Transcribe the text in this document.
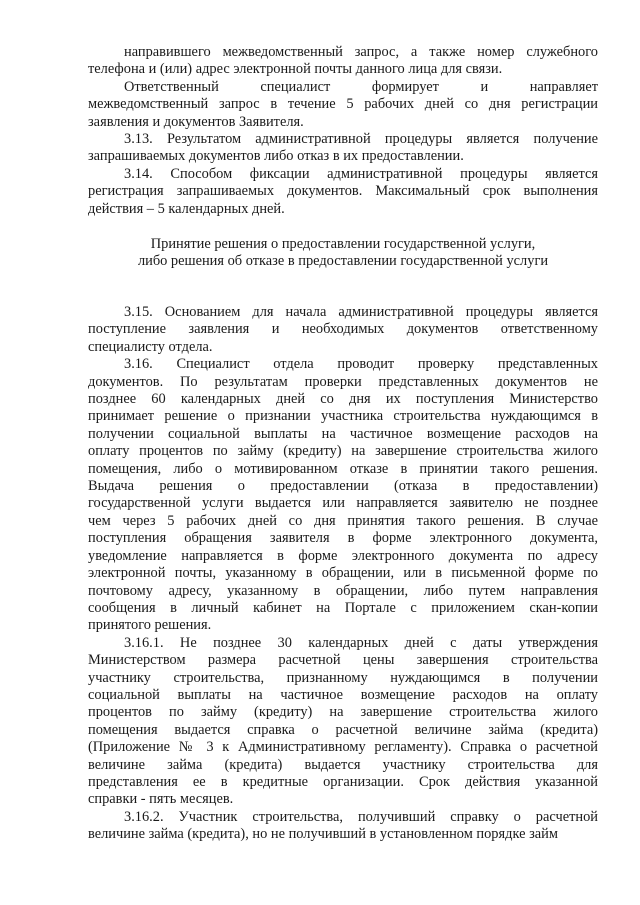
направившего межведомственный запрос, а также номер служебного
телефона и (или) адрес электронной почты данного лица для связи.
Ответственный специалист формирует и направляет
межведомственный запрос в течение 5 рабочих дней со дня регистрации
заявления и документов Заявителя.
3.13. Результатом административной процедуры является получение
запрашиваемых документов либо отказ в их предоставлении.
3.14. Способом фиксации административной процедуры является
регистрация запрашиваемых документов. Максимальный срок выполнения
действия – 5 календарных дней.
Принятие решения о предоставлении государственной услуги,
либо решения об отказе в предоставлении государственной услуги
3.15. Основанием для начала административной процедуры является
поступление заявления и необходимых документов ответственному
специалисту отдела.
3.16. Специалист отдела проводит проверку представленных
документов. По результатам проверки представленных документов не
позднее 60 календарных дней со дня их поступления Министерство
принимает решение о признании участника строительства нуждающимся в
получении социальной выплаты на частичное возмещение расходов на
оплату процентов по займу (кредиту) на завершение строительства жилого
помещения, либо о мотивированном отказе в принятии такого решения.
Выдача решения о предоставлении (отказа в предоставлении)
государственной услуги выдается или направляется заявителю не позднее
чем через 5 рабочих дней со дня принятия такого решения. В случае
поступления обращения заявителя в форме электронного документа,
уведомление направляется в форме электронного документа по адресу
электронной почты, указанному в обращении, или в письменной форме по
почтовому адресу, указанному в обращении, либо путем направления
сообщения в личный кабинет на Портале с приложением скан-копии
принятого решения.
3.16.1. Не позднее 30 календарных дней с даты утверждения
Министерством размера расчетной цены завершения строительства
участнику строительства, признанному нуждающимся в получении
социальной выплаты на частичное возмещение расходов на оплату
процентов по займу (кредиту) на завершение строительства жилого
помещения выдается справка о расчетной величине займа (кредита)
(Приложение № 3 к Административному регламенту). Справка о расчетной
величине займа (кредита) выдается участнику строительства для
представления ее в кредитные организации. Срок действия указанной
справки - пять месяцев.
3.16.2. Участник строительства, получивший справку о расчетной
величине займа (кредита), но не получивший в установленном порядке займ
